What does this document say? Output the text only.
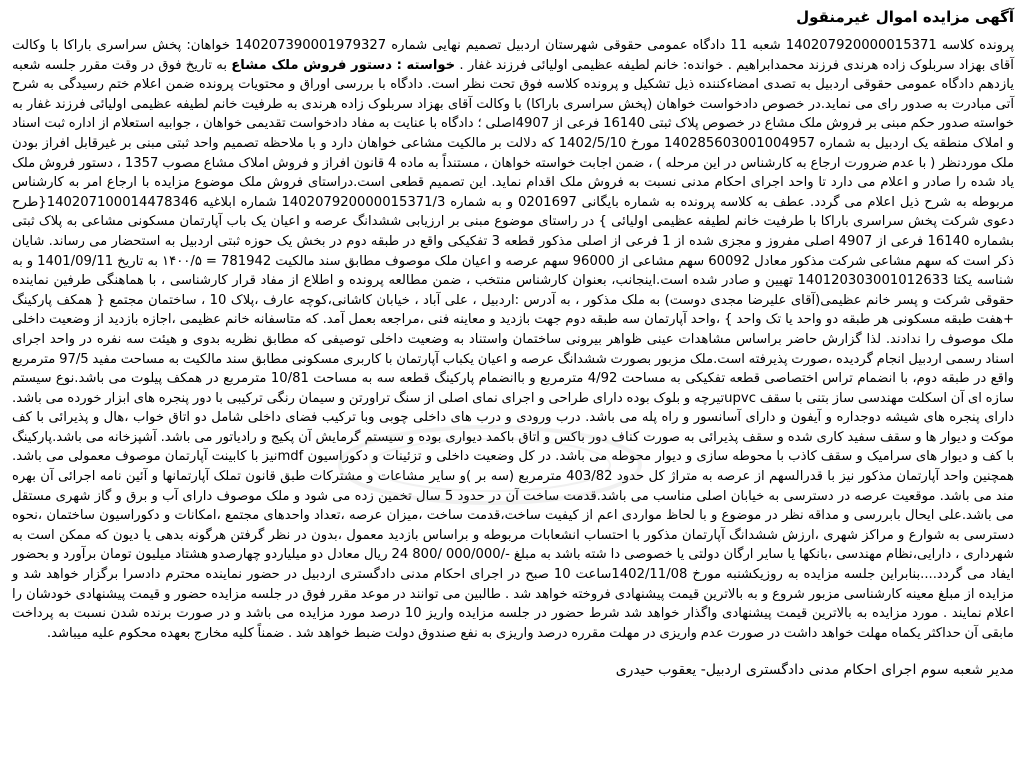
آگهی مزایده اموال غیرمنقول

پرونده کلاسه 140207920000015371 شعبه 11 دادگاه عمومی حقوقی شهرستان اردبیل تصمیم نهایی شماره 140207390001979327 خواهان: پخش سراسری باراکا با وکالت آقای بهزاد سربلوک زاده هرندی فرزند محمدابراهیم . خوانده: خانم لطیفه عظیمی اولیائی فرزند غفار . خواسته : دستور فروش ملک مشاع به تاریخ فوق در وقت مقرر جلسه شعبه یازدهم دادگاه عمومی حقوقی اردبیل به تصدی امضاءکننده ذیل تشکیل و پرونده کلاسه فوق تحت نظر است. دادگاه با بررسی اوراق و محتویات پرونده ضمن اعلام ختم رسیدگی به شرح آتی مبادرت به صدور رای می نماید.در خصوص دادخواست خواهان (پخش سراسری باراکا) با وکالت آقای بهزاد سربلوک زاده هرندی به طرفیت خانم لطیفه عظیمی اولیائی فرزند غفار به خواسته صدور حکم مبنی بر فروش ملک مشاع در خصوص پلاک ثبتی 16140 فرعی از 4907اصلی ؛ دادگاه با عنایت به مفاد دادخواست تقدیمی خواهان ، جوابیه استعلام از اداره ثبت اسناد و املاک منطقه یک اردبیل به شماره 140285603001004957 مورخ 1402/5/10 که دلالت بر مالکیت مشاعی خواهان دارد و با ملاحظه تصمیم واحد ثبتی مبنی بر غیرقابل افراز بودن ملک موردنظر ( با عدم ضرورت ارجاع به کارشناس در این مرحله ) ، ضمن اجابت خواسته خواهان ، مستنداً به ماده 4 قانون افراز و فروش املاک مشاع مصوب 1357 ، دستور فروش ملک یاد شده را صادر و اعلام می دارد تا واحد اجرای احکام مدنی نسبت به فروش ملک اقدام نماید. این تصمیم قطعی است.دراستای فروش ملک موضوع مزایده با ارجاع امر به کارشناس مربوطه به شرح ذیل اعلام می گردد. عطف به کلاسه پرونده به شماره بایگانی 0201697 و به شماره 140207920000015371/3 شماره ابلاغیه 140207100014478346{طرح دعوی شرکت پخش سراسری باراکا با طرفیت خانم لطیفه عظیمی اولیائی } در راستای موضوع مبنی بر ارزیابی ششدانگ عرصه و اعیان یک باب آپارتمان مسکونی مشاعی به پلاک ثبتی بشماره 16140 فرعی از 4907 اصلی مفروز و مجزی شده از 1 فرعی از اصلی مذکور قطعه 3 تفکیکی واقع در طبقه دوم در بخش یک حوزه ثبتی اردبیل به استحضار می رساند. شایان ذکر است که سهم مشاعی شرکت مذکور معادل 60092 سهم مشاعی از 96000 سهم عرصه و اعیان ملک موصوف مطابق سند مالکیت 781942 = ۱۴۰۰/۵ به تاریخ 1401/09/11 و به شناسه یکتا 140120303001012633 تهیین و صادر شده است.اینجانب، بعنوان کارشناس منتخب ، ضمن مطالعه پرونده و اطلاع از مفاد قرار کارشناسی ، با هماهنگی طرفین نماینده حقوقی شرکت و پسر خانم عظیمی(آقای علیرضا مجدی دوست) به ملک مذکور ، به آدرس :اردبیل ، علی آباد ، خیابان کاشانی،کوچه عارف ،پلاک 10 ، ساختمان مجتمع { همکف پارکینگ +هفت طبقه مسکونی هر طبقه دو واحد یا تک واحد } ،واحد آپارتمان سه طبقه دوم جهت بازدید و معاینه فنی ،مراجعه بعمل آمد. که متاسفانه خانم عظیمی ،اجازه بازدید از وضعیت داخلی ملک موصوف را ندادند. لذا گزارش حاضر براساس مشاهدات عینی ظواهر بیرونی ساختمان واستناد به وضعیت داخلی توصیفی که مطابق نظریه بدوی و هیئت سه نفره در واحد اجرای اسناد رسمی اردبیل انجام گردیده ،صورت پذیرفته است.ملک مزبور بصورت ششدانگ عرصه و اعیان یکباب آپارتمان با کاربری مسکونی مطابق سند مالکیت به مساحت مفید 97/5 مترمربع واقع در طبقه دوم، با انضمام تراس اختصاصی قطعه تفکیکی به مساحت 4/92 مترمربع و باانضمام پارکینگ قطعه سه به مساحت 10/81 مترمربع در همکف پیلوت می باشد.نوع سیستم سازه ای آن اسکلت مهندسی ساز بتنی با سقف upvcتیرچه و بلوک بوده دارای طراحی و اجرای نمای اصلی از سنگ تراورتن و سیمان رنگی ترکیبی با دور پنجره های ابزار خورده می باشد. دارای پنجره های شیشه دوجداره و آیفون و دارای آسانسور و راه پله می باشد. درب ورودی و درب های داخلی چوبی وبا ترکیب فضای داخلی شامل دو اتاق خواب ،هال و پذیرائی با کف موکت و دیوار ها و سقف سفید کاری شده و سقف پذیرائی به صورت کناف دور باکس و اتاق باکمد دیواری بوده و سیستم گرمایش آن پکیج و رادیاتور می باشد. آشپزخانه می باشد.پارکینگ با کف و دیوار های سرامیک و سقف کاذب با محوطه سازی و دیوار محوطه می باشد. در کل وضعیت داخلی و تزئینات و دکوراسیون mdfنیز با کابینت آپارتمان موصوف معمولی می باشد. همچنین واحد آپارتمان مذکور نیز با قدرالسهم از عرصه به متراژ کل حدود 403/82 مترمربع (سه بر )و سایر مشاعات و مشترکات طبق قانون تملک آپارتمانها و آئین نامه اجرائی آن بهره مند می باشد. موقعیت عرصه در دسترسی به خیابان اصلی مناسب می باشد.قدمت ساخت آن در حدود 5 سال تخمین زده می شود و ملک موصوف دارای آب و برق و گاز شهری مستقل می باشد.علی ایحال بابررسی و مداقه نظر در موضوع و با لحاظ مواردی اعم از کیفیت ساخت،قدمت ساخت ،میزان عرصه ،تعداد واحدهای مجتمع ،امکانات و دکوراسیون ساختمان ،نحوه دسترسی به شوارع و مراکز شهری ،ارزش ششدانگ آپارتمان مذکور با احتساب انشعابات مربوطه و براساس بازدید معمول ،بدون در نظر گرفتن هرگونه بدهی یا دیون که ممکن است به شهرداری ، دارایی،نظام مهندسی ،بانکها یا سایر ارگان دولتی یا خصوصی دا شته باشد به مبلغ -/000/000 /800 24 ریال معادل دو میلیاردو چهارصدو هشتاد میلیون تومان برآورد و بحضور ایفاد می گردد....بنابراین جلسه مزایده به روزیکشنبه مورخ 1402/11/08ساعت 10 صبح در اجرای احکام مدنی دادگستری اردبیل در حضور نماینده محترم دادسرا برگزار خواهد شد و مزایده از مبلغ معینه کارشناسی مزبور شروع و به بالاترین قیمت پیشنهادی فروخته خواهد شد . طالبین می توانند در موعد مقرر فوق در جلسه مزایده حضور و قیمت پیشنهادی خودشان را اعلام نمایند . مورد مزایده به بالاترین قیمت پیشنهادی واگذار خواهد شد شرط حضور در جلسه مزایده واریز 10 درصد مورد مزایده می باشد و در صورت برنده شدن نسبت به پرداخت مابقی آن حداکثر یکماه مهلت خواهد داشت در صورت عدم واریزی در مهلت مقرره درصد واریزی به نفع صندوق دولت ضبط خواهد شد . ضمناً کلیه مخارج بعهده محکوم علیه میباشد.

مدیر شعبه سوم اجرای احکام مدنی دادگستری اردبیل- یعقوب حیدری
